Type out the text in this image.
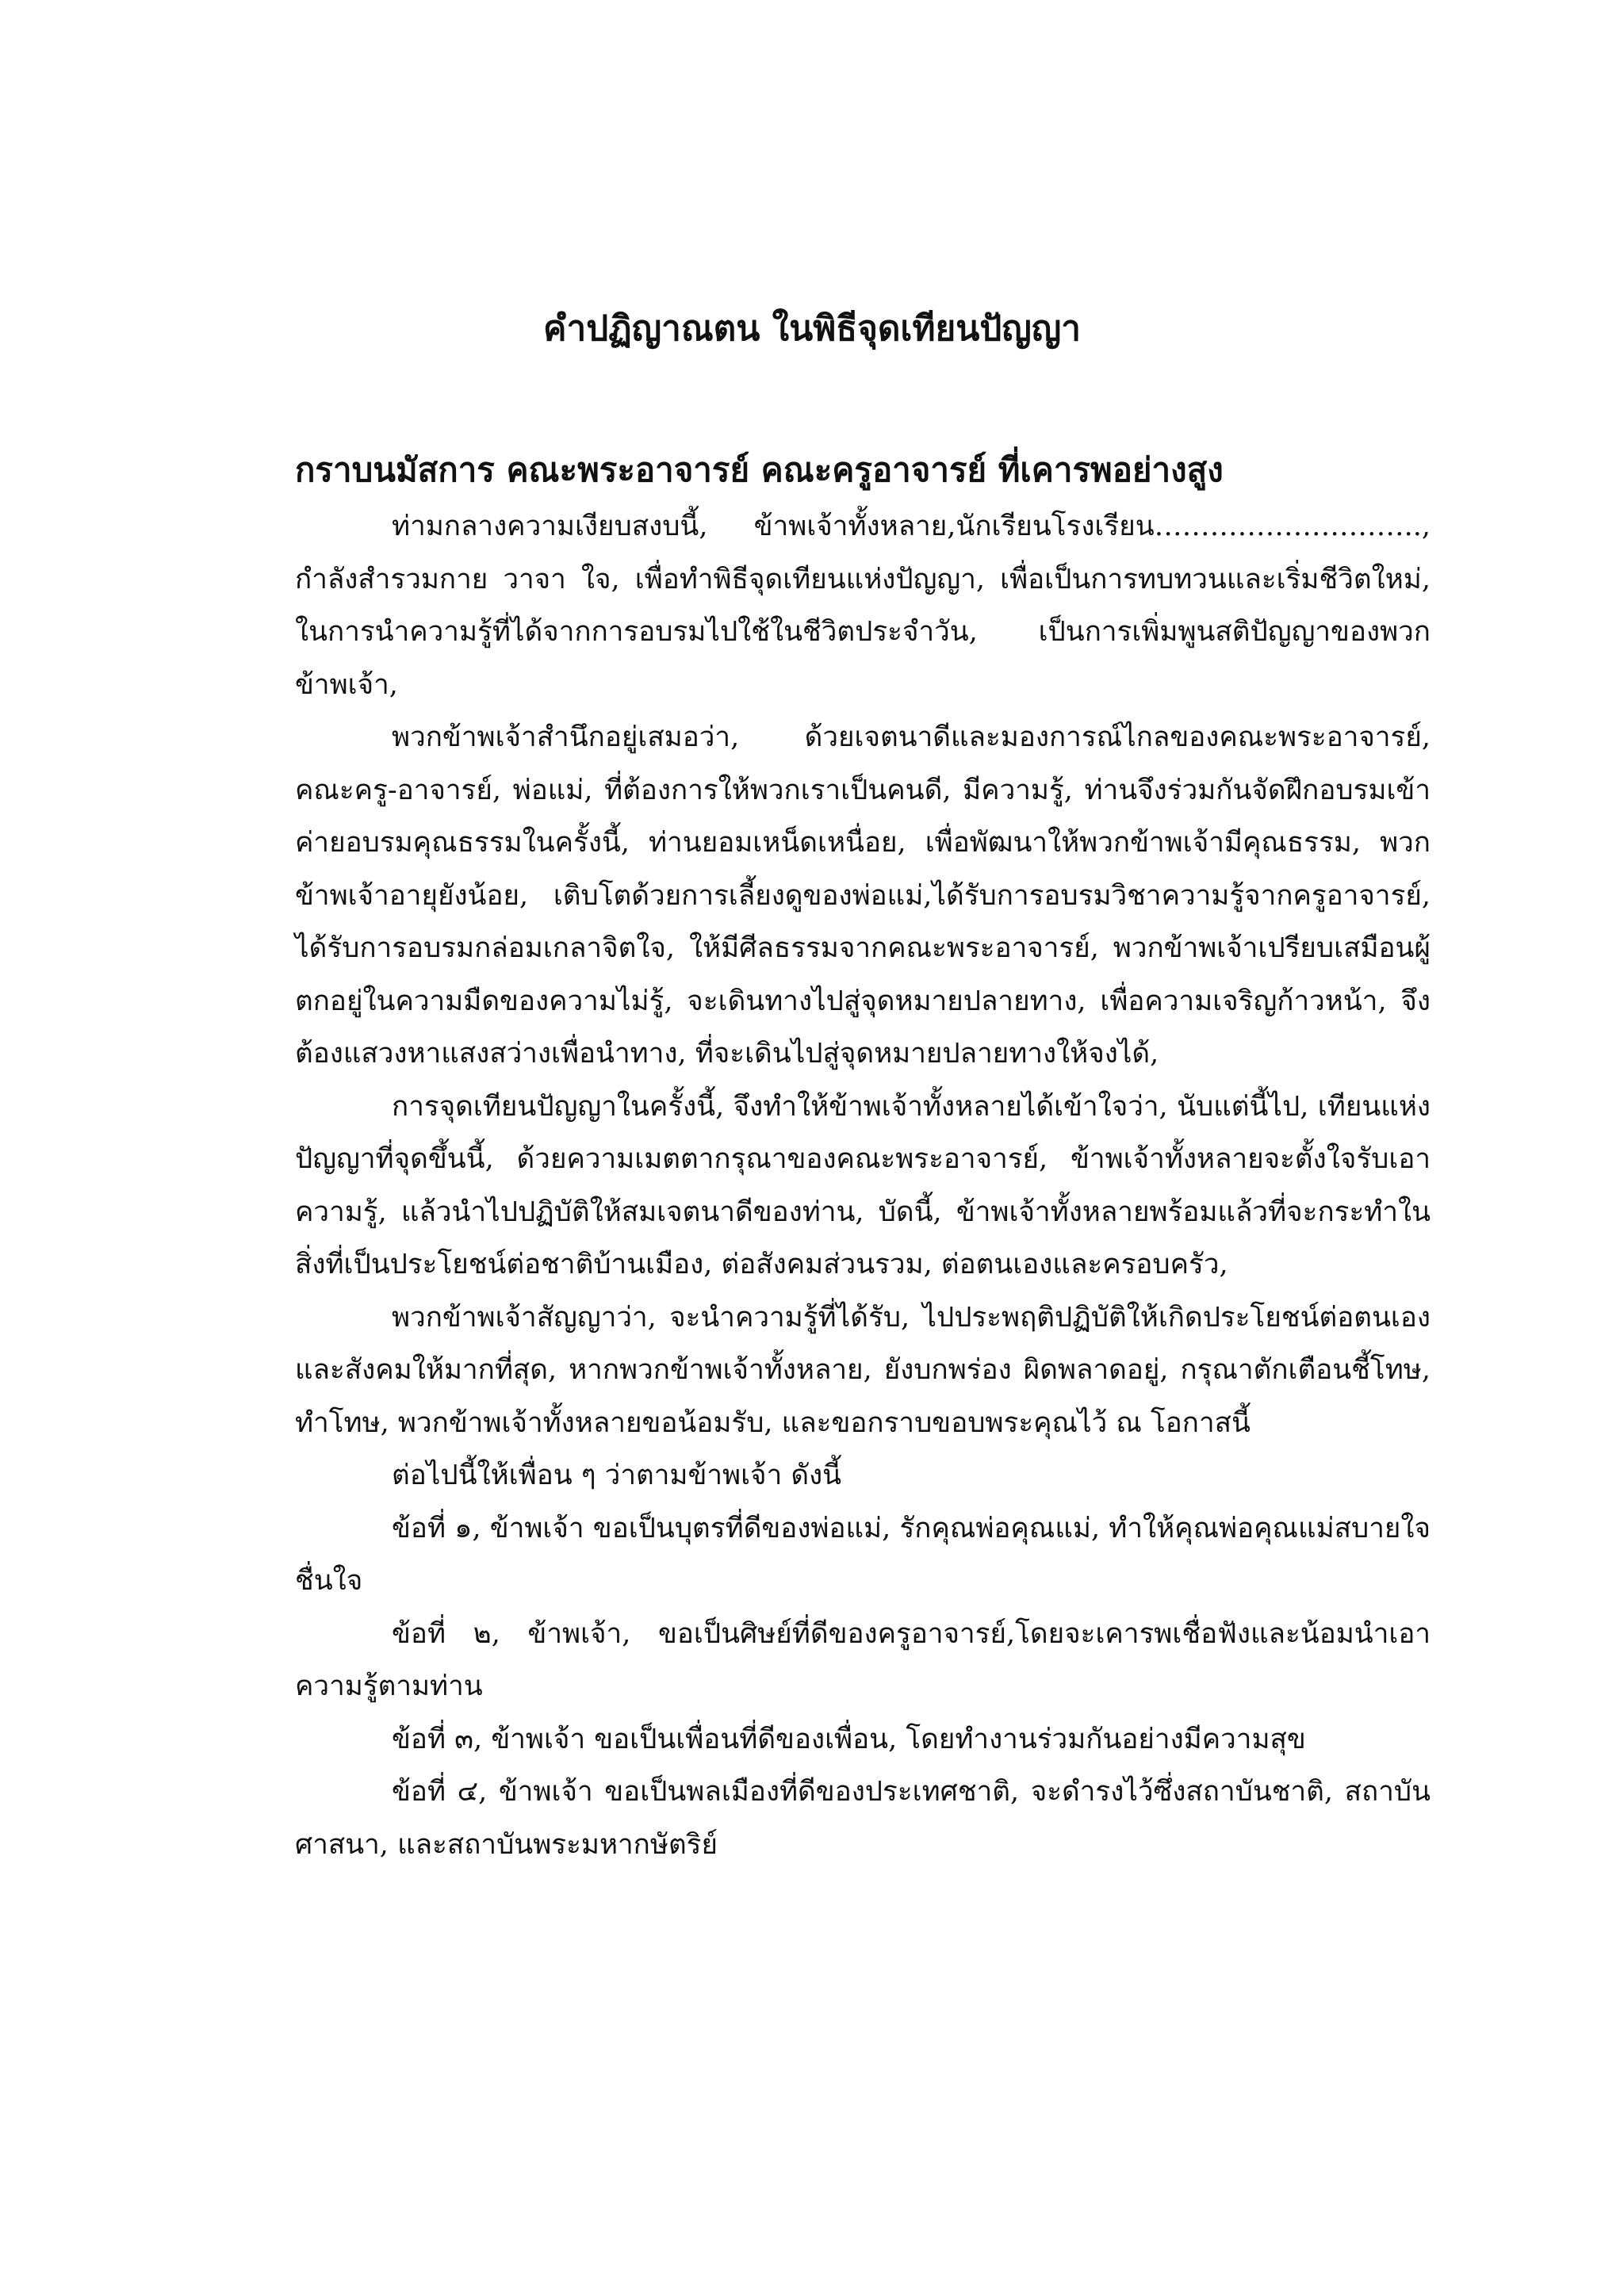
คำปฏิญาณตน ในพิธีจุดเทียนปัญญา

กราบนมัสการ คณะพระอาจารย์ คณะครูอาจารย์ ที่เคารพอย่างสูง

ท่ามกลางความเงียบสงบนี้, ข้าพเจ้าทั้งหลาย,นักเรียนโรงเรียน……………………….., กำลังสำรวมกาย วาจา ใจ, เพื่อทำพิธีจุดเทียนแห่งปัญญา, เพื่อเป็นการทบทวนและเริ่มชีวิตใหม่, ในการนำความรู้ที่ได้จากการอบรมไปใช้ในชีวิตประจำวัน, เป็นการเพิ่มพูนสติปัญญาของพวกข้าพเจ้า,

พวกข้าพเจ้าสำนึกอยู่เสมอว่า, ด้วยเจตนาดีและมองการณ์ไกลของคณะพระอาจารย์, คณะครู-อาจารย์, พ่อแม่, ที่ต้องการให้พวกเราเป็นคนดี, มีความรู้, ท่านจึงร่วมกันจัดฝึกอบรมเข้าค่ายอบรมคุณธรรมในครั้งนี้, ท่านยอมเหน็ดเหนื่อย, เพื่อพัฒนาให้พวกข้าพเจ้ามีคุณธรรม, พวกข้าพเจ้าอายุยังน้อย, เติบโตด้วยการเลี้ยงดูของพ่อแม่,ได้รับการอบรมวิชาความรู้จากครูอาจารย์, ได้รับการอบรมกล่อมเกลาจิตใจ, ให้มีศีลธรรมจากคณะพระอาจารย์, พวกข้าพเจ้าเปรียบเสมือนผู้ตกอยู่ในความมืดของความไม่รู้, จะเดินทางไปสู่จุดหมายปลายทาง, เพื่อความเจริญก้าวหน้า, จึงต้องแสวงหาแสงสว่างเพื่อนำทาง, ที่จะเดินไปสู่จุดหมายปลายทางให้จงได้,

การจุดเทียนปัญญาในครั้งนี้, จึงทำให้ข้าพเจ้าทั้งหลายได้เข้าใจว่า, นับแต่นี้ไป, เทียนแห่งปัญญาที่จุดขึ้นนี้, ด้วยความเมตตากรุณาของคณะพระอาจารย์, ข้าพเจ้าทั้งหลายจะตั้งใจรับเอาความรู้, แล้วนำไปปฏิบัติให้สมเจตนาดีของท่าน, บัดนี้, ข้าพเจ้าทั้งหลายพร้อมแล้วที่จะกระทำในสิ่งที่เป็นประโยชน์ต่อชาติบ้านเมือง, ต่อสังคมส่วนรวม, ต่อตนเองและครอบครัว,

พวกข้าพเจ้าสัญญาว่า, จะนำความรู้ที่ได้รับ, ไปประพฤติปฏิบัติให้เกิดประโยชน์ต่อตนเองและสังคมให้มากที่สุด, หากพวกข้าพเจ้าทั้งหลาย, ยังบกพร่อง ผิดพลาดอยู่, กรุณาตักเตือนชี้โทษ, ทำโทษ, พวกข้าพเจ้าทั้งหลายขอน้อมรับ, และขอกราบขอบพระคุณไว้ ณ โอกาสนี้

ต่อไปนี้ให้เพื่อน ๆ ว่าตามข้าพเจ้า ดังนี้

ข้อที่ ๑, ข้าพเจ้า ขอเป็นบุตรที่ดีของพ่อแม่, รักคุณพ่อคุณแม่, ทำให้คุณพ่อคุณแม่สบายใจ ชื่นใจ

ข้อที่ ๒, ข้าพเจ้า, ขอเป็นศิษย์ที่ดีของครูอาจารย์,โดยจะเคารพเชื่อฟังและน้อมนำเอาความรู้ตามท่าน

ข้อที่ ๓, ข้าพเจ้า ขอเป็นเพื่อนที่ดีของเพื่อน, โดยทำงานร่วมกันอย่างมีความสุข

ข้อที่ ๔, ข้าพเจ้า ขอเป็นพลเมืองที่ดีของประเทศชาติ, จะดำรงไว้ซึ่งสถาบันชาติ, สถาบันศาสนา, และสถาบันพระมหากษัตริย์
